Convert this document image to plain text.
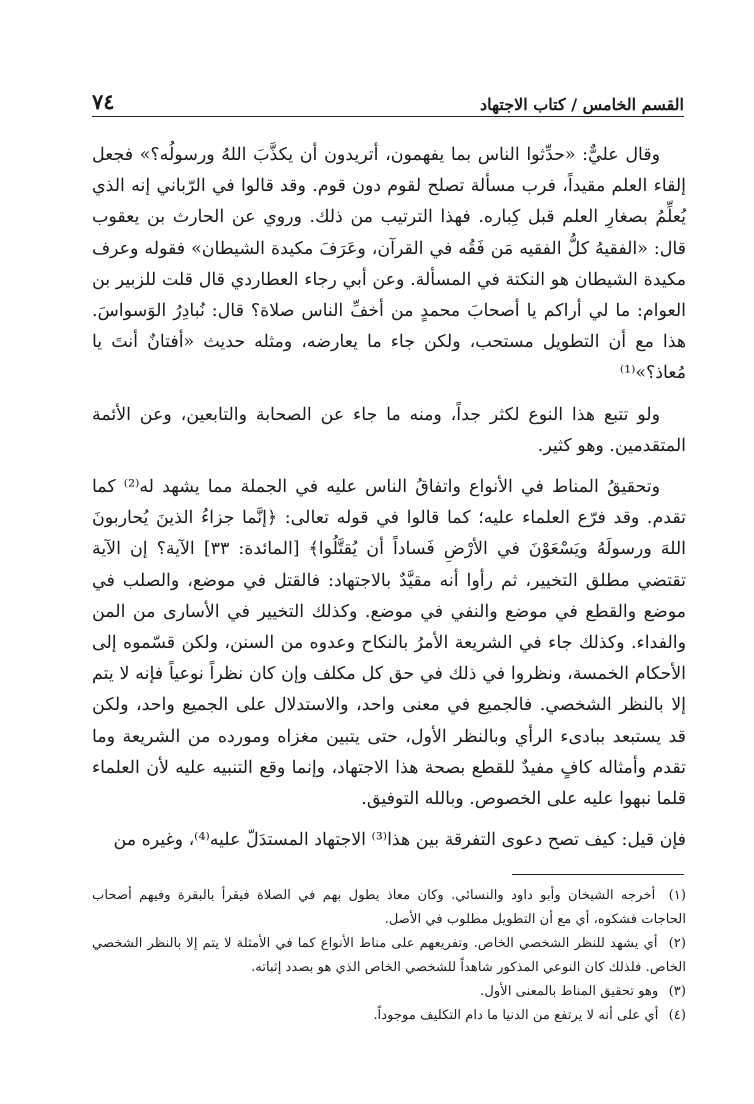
٧٤	القسم الخامس / كتاب الاجتهاد

وقال عليٌّ: «حدِّثوا الناس بما يفهمون، أتريدون أن يكذَّبَ اللهُ ورسولُه؟» فجعل إلقاء العلم مقيداً، فرب مسألة تصلح لقوم دون قوم. وقد قالوا في الرّباني إنه الذي يُعلِّمُ بصغارِ العلم قبل كِباره. فهذا الترتيب من ذلك. وروي عن الحارث بن يعقوب قال: «الفقيهُ كلُّ الفقيه مَن فَقُه في القرآن، وعَرَفَ مكيدة الشيطان» فقوله وعرف مكيدة الشيطان هو النكتة في المسألة. وعن أبي رجاء العطاردي قال قلت للزبير بن العوام: ما لي أراكم يا أصحابَ محمدٍ من أخفِّ الناس صلاة؟ قال: نُبادِرُ الوَسواسَ. هذا مع أن التطويل مستحب، ولكن جاء ما يعارضه، ومثله حديث «أفتانٌ أنتَ يا مُعاذ؟»⁽¹⁾

ولو تتبع هذا النوع لكثر جداً، ومنه ما جاء عن الصحابة والتابعين، وعن الأئمة المتقدمين. وهو كثير.

وتحقيقُ المناط في الأنواع واتفاقُ الناس عليه في الجملة مما يشهد له⁽²⁾ كما تقدم. وقد فرّع العلماء عليه؛ كما قالوا في قوله تعالى: ﴿إنَّما جزاءُ الذينَ يُحاربونَ اللهَ ورسولَهُ ويَسْعَوْنَ في الأرْضِ فَساداً أن يُقتَّلُوا﴾ [المائدة: ٣٣] الآية؟ إن الآية تقتضي مطلق التخيير، ثم رأوا أنه مقيَّدٌ بالاجتهاد: فالقتل في موضع، والصلب في موضع والقطع في موضع والنفي في موضع. وكذلك التخيير في الأسارى من المن والفداء. وكذلك جاء في الشريعة الأمرُ بالنكاح وعدوه من السنن، ولكن قسّموه إلى الأحكام الخمسة، ونظروا في ذلك في حق كل مكلف وإن كان نظراً نوعياً فإنه لا يتم إلا بالنظر الشخصي. فالجميع في معنى واحد، والاستدلال على الجميع واحد، ولكن قد يستبعد ببادىء الرأي وبالنظر الأول، حتى يتبين مغزاه ومورده من الشريعة وما تقدم وأمثاله كافٍ مفيدٌ للقطع بصحة هذا الاجتهاد، وإنما وقع التنبيه عليه لأن العلماء قلما نبهوا عليه على الخصوص. وبالله التوفيق.

فإن قيل: كيف تصح دعوى التفرقة بين هذا⁽³⁾ الاجتهاد المستدَلّ عليه⁽⁴⁾، وغيره من

(١) أخرجه الشيخان وأبو داود والنسائي. وكان معاذ يطول بهم في الصلاة فيقرأ بالبقرة وفيهم أصحاب الحاجات فشكوه، أي مع أن التطويل مطلوب في الأصل.

(٢) أي يشهد للنظر الشخصي الخاص. وتفريعهم على مناط الأنواع كما في الأمثلة لا يتم إلا بالنظر الشخصي الخاص. فلذلك كان النوعي المذكور شاهداً للشخصي الخاص الذي هو بصدد إثباته.

(٣) وهو تحقيق المناط بالمعنى الأول.

(٤) أي على أنه لا يرتفع من الدنيا ما دام التكليف موجوداً.
